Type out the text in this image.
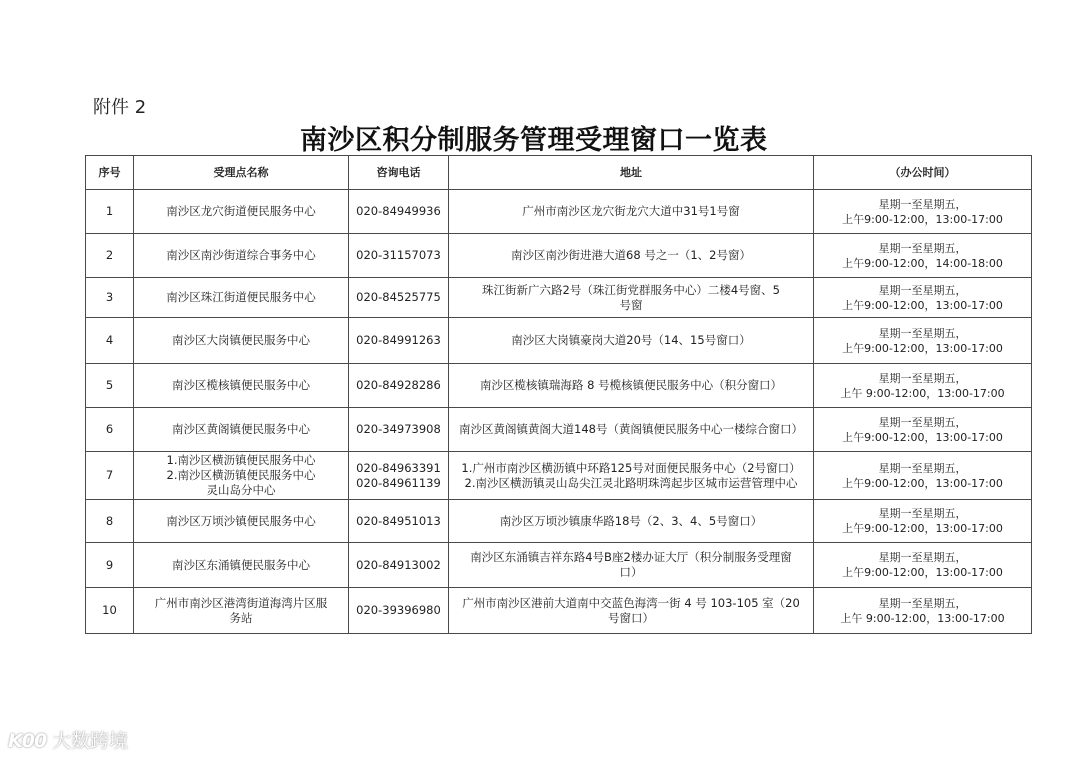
附件 2
南沙区积分制服务管理受理窗口一览表
序号	受理点名称	咨询电话	地址	（办公时间）
1	南沙区龙穴街道便民服务中心	020-84949936	广州市南沙区龙穴街龙穴大道中31号1号窗	星期一至星期五，
上午9:00-12:00，13:00-17:00

2	南沙区南沙街道综合事务中心	020-31157073	南沙区南沙街进港大道68 号之一（1、2号窗）	星期一至星期五，
上午9:00-12:00，14:00-18:00

3	南沙区珠江街道便民服务中心	020-84525775	珠江街新广六路2号（珠江街党群服务中心）二楼4号窗、5
号窗	星期一至星期五，
上午9:00-12:00，13:00-17:00

4	南沙区大岗镇便民服务中心	020-84991263	南沙区大岗镇豪岗大道20号（14、15号窗口）	星期一至星期五，
上午9:00-12:00，13:00-17:00

5	南沙区榄核镇便民服务中心	020-84928286	南沙区榄核镇瑞海路 8 号榄核镇便民服务中心（积分窗口）	星期一至星期五，
上午 9:00-12:00，13:00-17:00

6	南沙区黄阁镇便民服务中心	020-34973908	南沙区黄阁镇黄阁大道148号（黄阁镇便民服务中心一楼综合窗口）	星期一至星期五，
上午9:00-12:00，13:00-17:00

7	1.南沙区横沥镇便民服务中心
2.南沙区横沥镇便民服务中心
灵山岛分中心	020-84963391
020-84961139	1.广州市南沙区横沥镇中环路125号对面便民服务中心（2号窗口）
2.南沙区横沥镇灵山岛尖江灵北路明珠湾起步区城市运营管理中心	星期一至星期五，
上午9:00-12:00，13:00-17:00

8	南沙区万顷沙镇便民服务中心	020-84951013	南沙区万顷沙镇康华路18号（2、3、4、5号窗口）	星期一至星期五，
上午9:00-12:00，13:00-17:00

9	南沙区东涌镇便民服务中心	020-84913002	南沙区东涌镇吉祥东路4号B座2楼办证大厅（积分制服务受理窗
口）	星期一至星期五，
上午9:00-12:00，13:00-17:00

10	广州市南沙区港湾街道海湾片区服
务站	020-39396980	广州市南沙区港前大道南中交蓝色海湾一街 4 号 103-105 室（20
号窗口）	星期一至星期五，
上午 9:00-12:00，13:00-17:00
K00 大数跨境
